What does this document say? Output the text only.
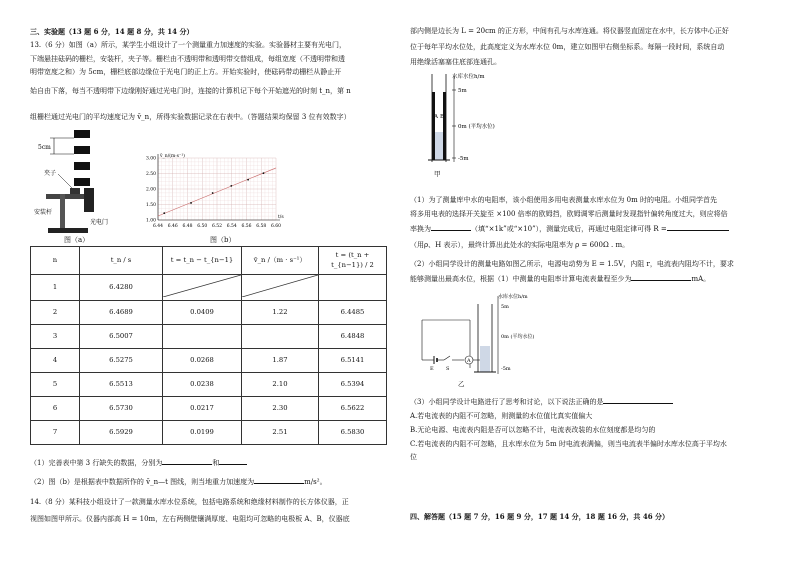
三、实验题（13 题 6 分，14 题 8 分，共 14 分）
13.（6 分）如图（a）所示，某学生小组设计了一个测量重力加速度的实验。实验器材主要有光电门，
下端悬挂砝码的栅栏，安装杆，夹子等。栅栏由不透明带和透明带交替组成，每组宽度（不透明带和透
明带宽度之和）为 5cm，栅栏底部边缘位于光电门的正上方。开始实验时，使砝码带动栅栏从静止开
始自由下落，每当不透明带下边缘刚好通过光电门时，连接的计算机记下每个开始遮光的时刻 t_n，第 n
组栅栏通过光电门的平均速度记为 v̄_n，所得实验数据记录在右表中。（答题结果均保留 3 位有效数字）
5cm
夹子
安装杆
光电门
图（a）
6.44 6.46 6.48 6.50 6.52 6.54 6.56 6.58 6.60
1.00
1.50
2.00
2.50
3.00
t/s
v̄_n/(m·s⁻¹)
图（b）
n	t_n / s	t = t_n − t_{n−1}	v̄_n /（m · s⁻¹）	t = (t_n + t_{n−1}) / 2
1	6.4280			
2	6.4689	0.0409	1.22	6.4485
3	6.5007			6.4848
4	6.5275	0.0268	1.87	6.5141
5	6.5513	0.0238	2.10	6.5394
6	6.5730	0.0217	2.30	6.5622
7	6.5929	0.0199	2.51	6.5830
（1）完善表中第 3 行缺失的数据，分别为	和
（2）图（b）是根据表中数据所作的 v̄_n—t 图线，则当地重力加速度为	m/s²。
14.（8 分）某科技小组设计了一款测量水库水位系统，包括电路系统和绝缘材料制作的长方体仪器，正
视图如图甲所示。仪器内部高 H = 10m，左右两侧壁镶满厚度、电阻均可忽略的电极板 A、B，仪器底
部内侧是边长为 L = 20cm 的正方形，中间有孔与水库连通。将仪器竖直固定在水中，长方体中心正好
位于每年平均水位处，此高度定义为水库水位 0m，建立如图甲右侧坐标系。每隔一段时间，系统自动
用绝缘活塞塞住底部连通孔。
水库水位h/m
5m
0m (平均水位)
-5m
A B
甲
（1）为了测量库中水的电阻率，该小组使用多用电表测量水库水位为 0m 时的电阻。小组同学首先
将多用电表的选择开关旋至 ×100 倍率的欧姆挡，欧姆调零后测量时发现指针偏转角度过大，则应将倍
率换为	（填“×1k”或“×10”），测量完成后，再通过电阻定律可得 R =
（用ρ、H 表示），最终计算出此处水的实际电阻率为 ρ = 600Ω . m。
（2）小组同学设计的测量电路如图乙所示，电源电动势为 E = 1.5V，内阻 r，电流表内阻均不计，要求
能够测量出最高水位，根据（1）中测量的电阻率计算电流表量程至少为	mA。
A
水库水位h/m
5m
0m (平均水位)
-5m
E S
乙
（3）小组同学设计电路进行了思考和讨论，以下说法正确的是
A.若电流表的内阻不可忽略，则测量的水位值比真实值偏大
B.无论电源、电流表内阻是否可以忽略不计，电流表改装的水位刻度都是均匀的
C.若电流表的内阻不可忽略，且水库水位为 5m 时电流表满偏，则当电流表半偏时水库水位高于平均水
位
四、解答题（15 题 7 分，16 题 9 分，17 题 14 分，18 题 16 分，共 46 分）
